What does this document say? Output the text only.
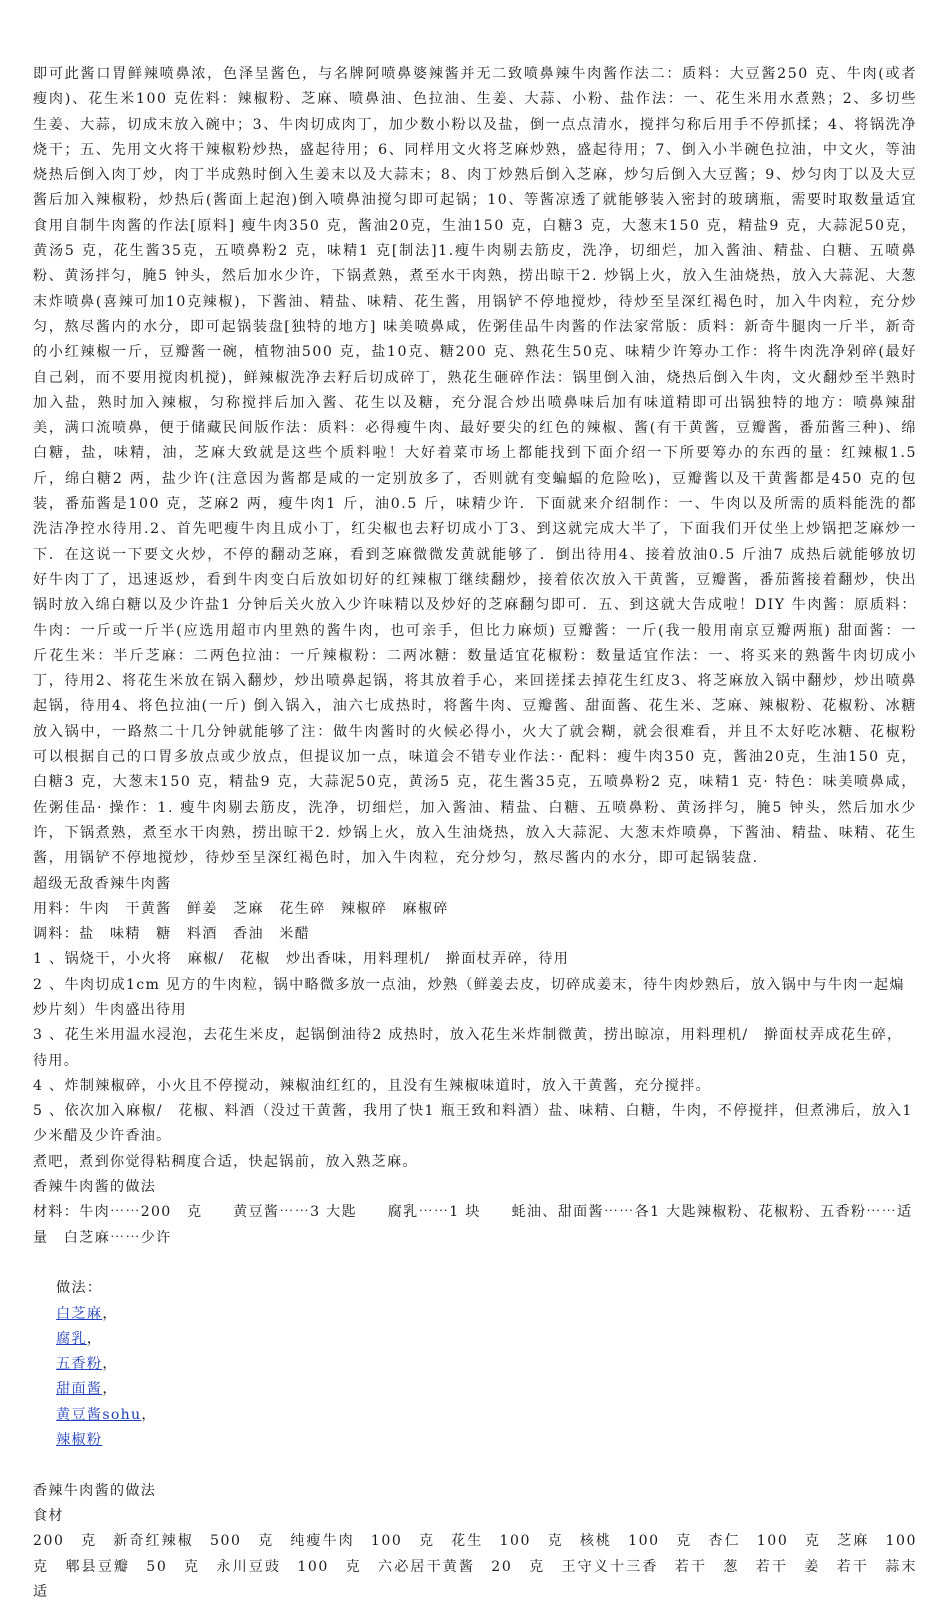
即可此酱口胃鲜辣喷鼻浓，色泽呈酱色，与名牌阿喷鼻婆辣酱并无二致喷鼻辣牛肉酱作法二：质料：大豆酱250 克、牛肉(或者瘦肉)、花生米100 克佐料：辣椒粉、芝麻、喷鼻油、色拉油、生姜、大蒜、小粉、盐作法：一、花生米用水煮熟；2、多切些生姜、大蒜，切成末放入碗中；3、牛肉切成肉丁，加少数小粉以及盐，倒一点点清水，搅拌匀称后用手不停抓揉；4、将锅洗净烧干；五、先用文火将干辣椒粉炒热，盛起待用；6、同样用文火将芝麻炒熟，盛起待用；7、倒入小半碗色拉油，中文火，等油烧热后倒入肉丁炒，肉丁半成熟时倒入生姜末以及大蒜末；8、肉丁炒熟后倒入芝麻，炒匀后倒入大豆酱；9、炒匀肉丁以及大豆酱后加入辣椒粉，炒热后(酱面上起泡)倒入喷鼻油搅匀即可起锅；10、等酱凉透了就能够装入密封的玻璃瓶，需要时取数量适宜食用自制牛肉酱的作法[原料] 瘦牛肉350 克，酱油20克，生油150 克，白糖3 克，大葱末150 克，精盐9 克，大蒜泥50克，黄汤5 克，花生酱35克，五喷鼻粉2 克，味精1 克[制法]1.瘦牛肉剔去筋皮，洗净，切细烂，加入酱油、精盐、白糖、五喷鼻粉、黄汤拌匀，腌5 钟头，然后加水少许，下锅煮熟，煮至水干肉熟，捞出晾干2. 炒锅上火，放入生油烧热，放入大蒜泥、大葱末炸喷鼻(喜辣可加10克辣椒)，下酱油、精盐、味精、花生酱，用锅铲不停地搅炒，待炒至呈深红褐色时，加入牛肉粒，充分炒匀，熬尽酱内的水分，即可起锅装盘[独特的地方] 味美喷鼻咸，佐粥佳品牛肉酱的作法家常版：质料：新奇牛腿肉一斤半，新奇的小红辣椒一斤，豆瓣酱一碗，植物油500 克，盐10克、糖200 克、熟花生50克、味精少许筹办工作：将牛肉洗净剁碎(最好自己剁，而不要用搅肉机搅)，鲜辣椒洗净去籽后切成碎丁，熟花生砸碎作法：锅里倒入油，烧热后倒入牛肉，文火翻炒至半熟时加入盐，熟时加入辣椒，匀称搅拌后加入酱、花生以及糖，充分混合炒出喷鼻味后加有味道精即可出锅独特的地方：喷鼻辣甜美，满口流喷鼻，便于储藏民间版作法：质料：必得瘦牛肉、最好要尖的红色的辣椒、酱(有干黄酱，豆瓣酱，番茄酱三种)、绵白糖，盐，味精，油，芝麻大致就是这些个质料啦！大好着菜市场上都能找到下面介绍一下所要筹办的东西的量：红辣椒1.5 斤，绵白糖2 两，盐少许(注意因为酱都是咸的一定别放多了，否则就有变蝙蝠的危险吆)，豆瓣酱以及干黄酱都是450 克的包装，番茄酱是100 克，芝麻2 两，瘦牛肉1 斤，油0.5 斤，味精少许．下面就来介绍制作：一、牛肉以及所需的质料能洗的都洗洁净控水待用.2、首先吧瘦牛肉且成小丁，红尖椒也去籽切成小丁3、到这就完成大半了，下面我们开仗坐上炒锅把芝麻炒一下．在这说一下要文火炒，不停的翻动芝麻，看到芝麻微微发黄就能够了．倒出待用4、接着放油0.5 斤油7 成热后就能够放切好牛肉丁了，迅速返炒，看到牛肉变白后放如切好的红辣椒丁继续翻炒，接着依次放入干黄酱，豆瓣酱，番茄酱接着翻炒，快出锅时放入绵白糖以及少许盐1 分钟后关火放入少许味精以及炒好的芝麻翻匀即可．五、到这就大告成啦！DIY 牛肉酱：原质料：牛肉：一斤或一斤半(应选用超市内里熟的酱牛肉，也可亲手，但比力麻烦) 豆瓣酱：一斤(我一般用南京豆瓣两瓶) 甜面酱：一斤花生米：半斤芝麻：二两色拉油：一斤辣椒粉：二两冰糖：数量适宜花椒粉：数量适宜作法：一、将买来的熟酱牛肉切成小丁，待用2、将花生米放在锅入翻炒，炒出喷鼻起锅，将其放着手心，来回搓揉去掉花生红皮3、将芝麻放入锅中翻炒，炒出喷鼻起锅，待用4、将色拉油(一斤) 倒入锅入，油六七成热时，将酱牛肉、豆瓣酱、甜面酱、花生米、芝麻、辣椒粉、花椒粉、冰糖放入锅中，一路熬二十几分钟就能够了注：做牛肉酱时的火候必得小，火大了就会糊，就会很难看，并且不太好吃冰糖、花椒粉可以根据自己的口胃多放点或少放点，但提议加一点，味道会不错专业作法：· 配料：瘦牛肉350 克，酱油20克，生油150 克，白糖3 克，大葱末150 克，精盐9 克，大蒜泥50克，黄汤5 克，花生酱35克，五喷鼻粉2 克，味精1 克· 特色：味美喷鼻咸，佐粥佳品· 操作：1. 瘦牛肉剔去筋皮，洗净，切细烂，加入酱油、精盐、白糖、五喷鼻粉、黄汤拌匀，腌5 钟头，然后加水少许，下锅煮熟，煮至水干肉熟，捞出晾干2. 炒锅上火，放入生油烧热，放入大蒜泥、大葱末炸喷鼻，下酱油、精盐、味精、花生酱，用锅铲不停地搅炒，待炒至呈深红褐色时，加入牛肉粒，充分炒匀，熬尽酱内的水分，即可起锅装盘.

超级无敌香辣牛肉酱
用料：牛肉　干黄酱　鲜姜　芝麻　花生碎　辣椒碎　麻椒碎
调料：盐　味精　糖　料酒　香油　米醋
1 、锅烧干，小火将　麻椒/　花椒　炒出香味，用料理机/　擀面杖弄碎，待用
2 、牛肉切成1cm 见方的牛肉粒，锅中略微多放一点油，炒熟（鲜姜去皮，切碎成姜末，待牛肉炒熟后，放入锅中与牛肉一起煸炒片刻）牛肉盛出待用
3 、花生米用温水浸泡，去花生米皮，起锅倒油待2 成热时，放入花生米炸制微黄，捞出晾凉，用料理机/　擀面杖弄成花生碎，待用。
4 、炸制辣椒碎，小火且不停搅动，辣椒油红红的，且没有生辣椒味道时，放入干黄酱，充分搅拌。
5 、依次加入麻椒/　花椒、料酒（没过干黄酱，我用了快1 瓶王致和料酒）盐、味精、白糖，牛肉，不停搅拌，但煮沸后，放入1 少米醋及少许香油。
煮吧，煮到你觉得粘稠度合适，快起锅前，放入熟芝麻。
香辣牛肉酱的做法
材料：牛肉⋯⋯200　克　　黄豆酱⋯⋯3 大匙　　腐乳⋯⋯1 块　　蚝油、甜面酱⋯⋯各1 大匙辣椒粉、花椒粉、五香粉⋯⋯适量　白芝麻⋯⋯少许

做法：
白芝麻，
腐乳，
五香粉，
甜面酱，
黄豆酱sohu，
辣椒粉

香辣牛肉酱的做法
食材

200　克　新奇红辣椒　500　克　纯瘦牛肉　100　克　花生　100　克　核桃　100　克　杏仁　100　克　芝麻　100　克　郫县豆瓣　50　克　永川豆豉　100　克　六必居干黄酱　20　克　王守义十三香　若干　葱　若干　姜　若干　蒜末　适
